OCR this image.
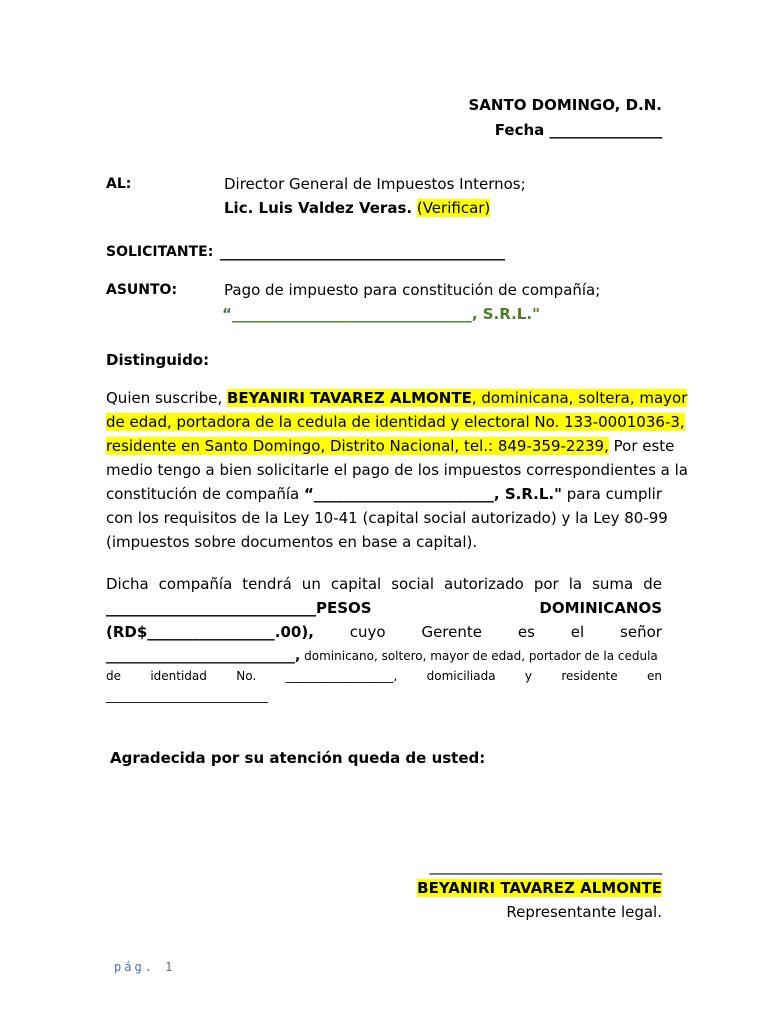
SANTO DOMINGO, D.N.
Fecha _______________
AL:	Director General de Impuestos Internos;
Lic. Luis Valdez Veras. (Verificar)
SOLICITANTE: ______________________________________
ASUNTO:	Pago de impuesto para constitución de compañía;
“________________________________, S.R.L."
Distinguido:
Quien suscribe, BEYANIRI TAVAREZ ALMONTE, dominicana, soltera, mayor
de edad, portadora de la cedula de identidad y electoral No. 133-0001036-3,
residente en Santo Domingo, Distrito Nacional, tel.: 849-359-2239, Por este
medio tengo a bien solicitarle el pago de los impuestos correspondientes a la
constitución de compañía “________________________, S.R.L." para cumplir
con los requisitos de la Ley 10-41 (capital social autorizado) y la Ley 80-99
(impuestos sobre documentos en base a capital).
Dicha compañía tendrá un capital social autorizado por la suma de
____________________________PESOS	DOMINICANOS
(RD$_________________.00), cuyo Gerente es el señor
___________________________, dominicano, soltero, mayor de edad, portador de la cedula
de identidad No. __________________, domiciliada y residente en
___________________________
Agradecida por su atención queda de usted:
_______________________________
BEYANIRI TAVAREZ ALMONTE
Representante legal.
pág. 1
